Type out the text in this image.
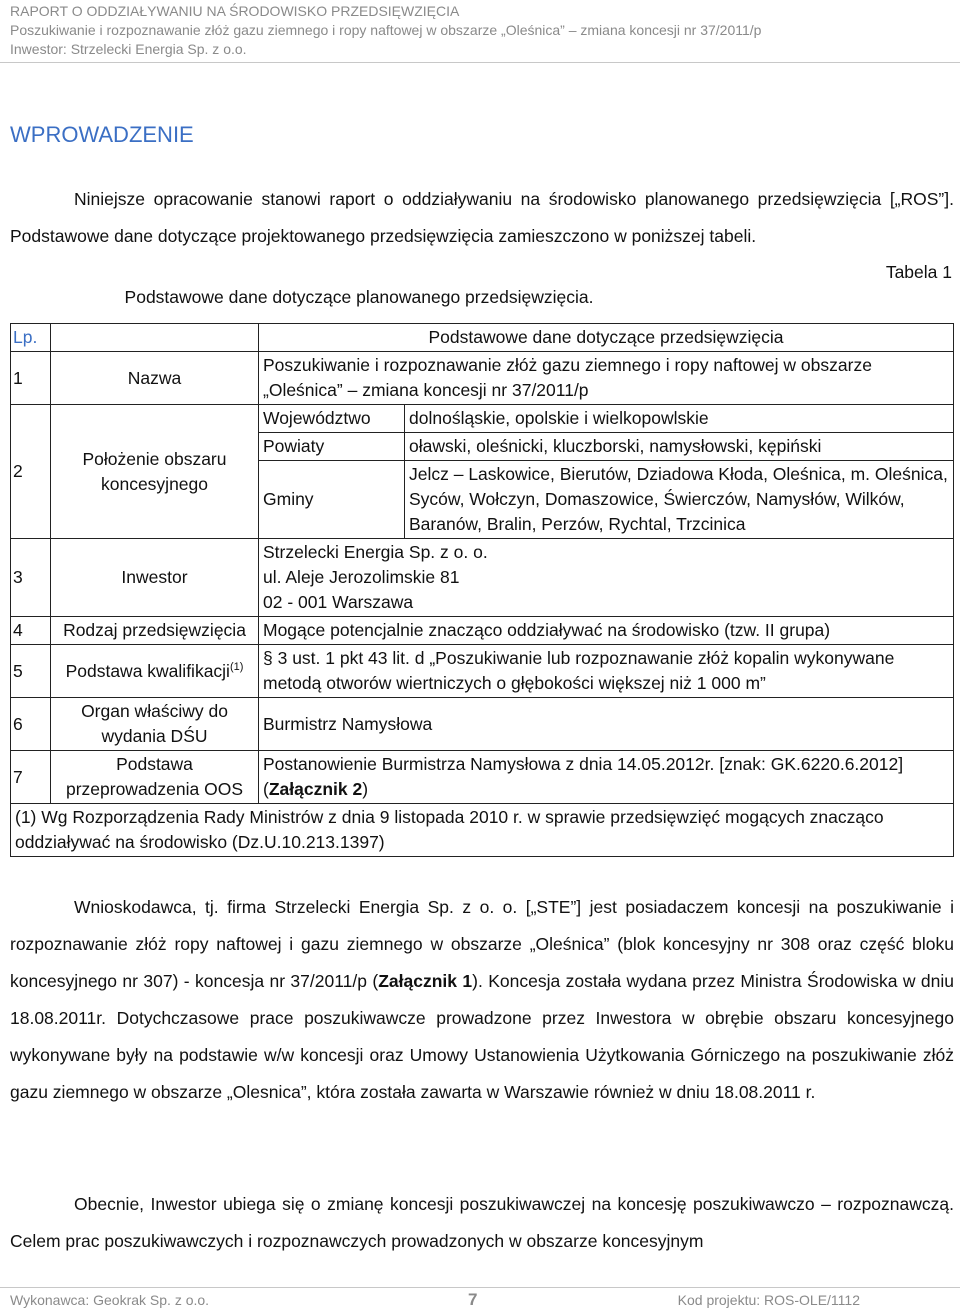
RAPORT O ODDZIAŁYWANIU NA ŚRODOWISKO PRZEDSIĘWZIĘCIA
Poszukiwanie i rozpoznawanie złóż gazu ziemnego i ropy naftowej w obszarze „Oleśnica” – zmiana koncesji nr 37/2011/p
Inwestor: Strzelecki Energia Sp. z o.o.
WPROWADZENIE
Niniejsze opracowanie stanowi raport o oddziaływaniu na środowisko planowanego przedsięwzięcia [„ROS”]. Podstawowe dane dotyczące projektowanego przedsięwzięcia zamieszczono w poniższej tabeli.
Tabela 1
Podstawowe dane dotyczące planowanego przedsięwzięcia.
Lp.		Podstawowe dane dotyczące przedsięwzięcia	
1	Nazwa	Poszukiwanie i rozpoznawanie złóż gazu ziemnego i ropy naftowej w obszarze „Oleśnica” – zmiana koncesji nr 37/2011/p	
2	Położenie obszaru koncesyjnego	Województwo	dolnośląskie, opolskie i wielkopowlskie
		Powiaty	oławski, oleśnicki, kluczborski, namysłowski, kępiński
		Gminy	Jelcz – Laskowice, Bierutów, Dziadowa Kłoda, Oleśnica, m. Oleśnica, Syców, Wołczyn, Domaszowice, Świerczów, Namysłów, Wilków, Baranów, Bralin, Perzów, Rychtal, Trzcinica
3	Inwestor	Strzelecki Energia Sp. z o. o.
ul. Aleje Jerozolimskie 81
02 - 001 Warszawa	

4	Rodzaj przedsięwzięcia	Mogące potencjalnie znacząco oddziaływać na środowisko (tzw. II grupa)	
5	Podstawa kwalifikacji$^{(1)}$	§ 3 ust. 1 pkt 43 lit. d „Poszukiwanie lub rozpoznawanie złóż kopalin wykonywane metodą otworów wiertniczych o głębokości większej niż 1 000 m”	
6	Organ właściwy do wydania DŚU	Burmistrz Namysłowa	
7	Podstawa przeprowadzenia OOS	Postanowienie Burmistrza Namysłowa z dnia 14.05.2012r. [znak: GK.6220.6.2012]
(Załącznik 2)	

(1) Wg Rozporządzenia Rady Ministrów z dnia 9 listopada 2010 r. w sprawie przedsięwzięć mogących znacząco oddziaływać na środowisko (Dz.U.10.213.1397)			
Wnioskodawca, tj. firma Strzelecki Energia Sp. z o. o. [„STE”] jest posiadaczem koncesji na poszukiwanie i rozpoznawanie złóż ropy naftowej i gazu ziemnego w obszarze „Oleśnica” (blok koncesyjny nr 308 oraz część bloku koncesyjnego nr 307) - koncesja nr 37/2011/p (Załącznik 1). Koncesja została wydana przez Ministra Środowiska w dniu 18.08.2011r. Dotychczasowe prace poszukiwawcze prowadzone przez Inwestora w obrębie obszaru koncesyjnego wykonywane były na podstawie w/w koncesji oraz Umowy Ustanowienia Użytkowania Górniczego na poszukiwanie złóż gazu ziemnego w obszarze „Olesnica”, która została zawarta w Warszawie również w dniu 18.08.2011 r.
Obecnie, Inwestor ubiega się o zmianę koncesji poszukiwawczej na koncesję poszukiwawczo – rozpoznawczą. Celem prac poszukiwawczych i rozpoznawczych prowadzonych w obszarze koncesyjnym
Wykonawca: Geokrak Sp. z o.o.	7	Kod projektu: ROS-OLE/1112
